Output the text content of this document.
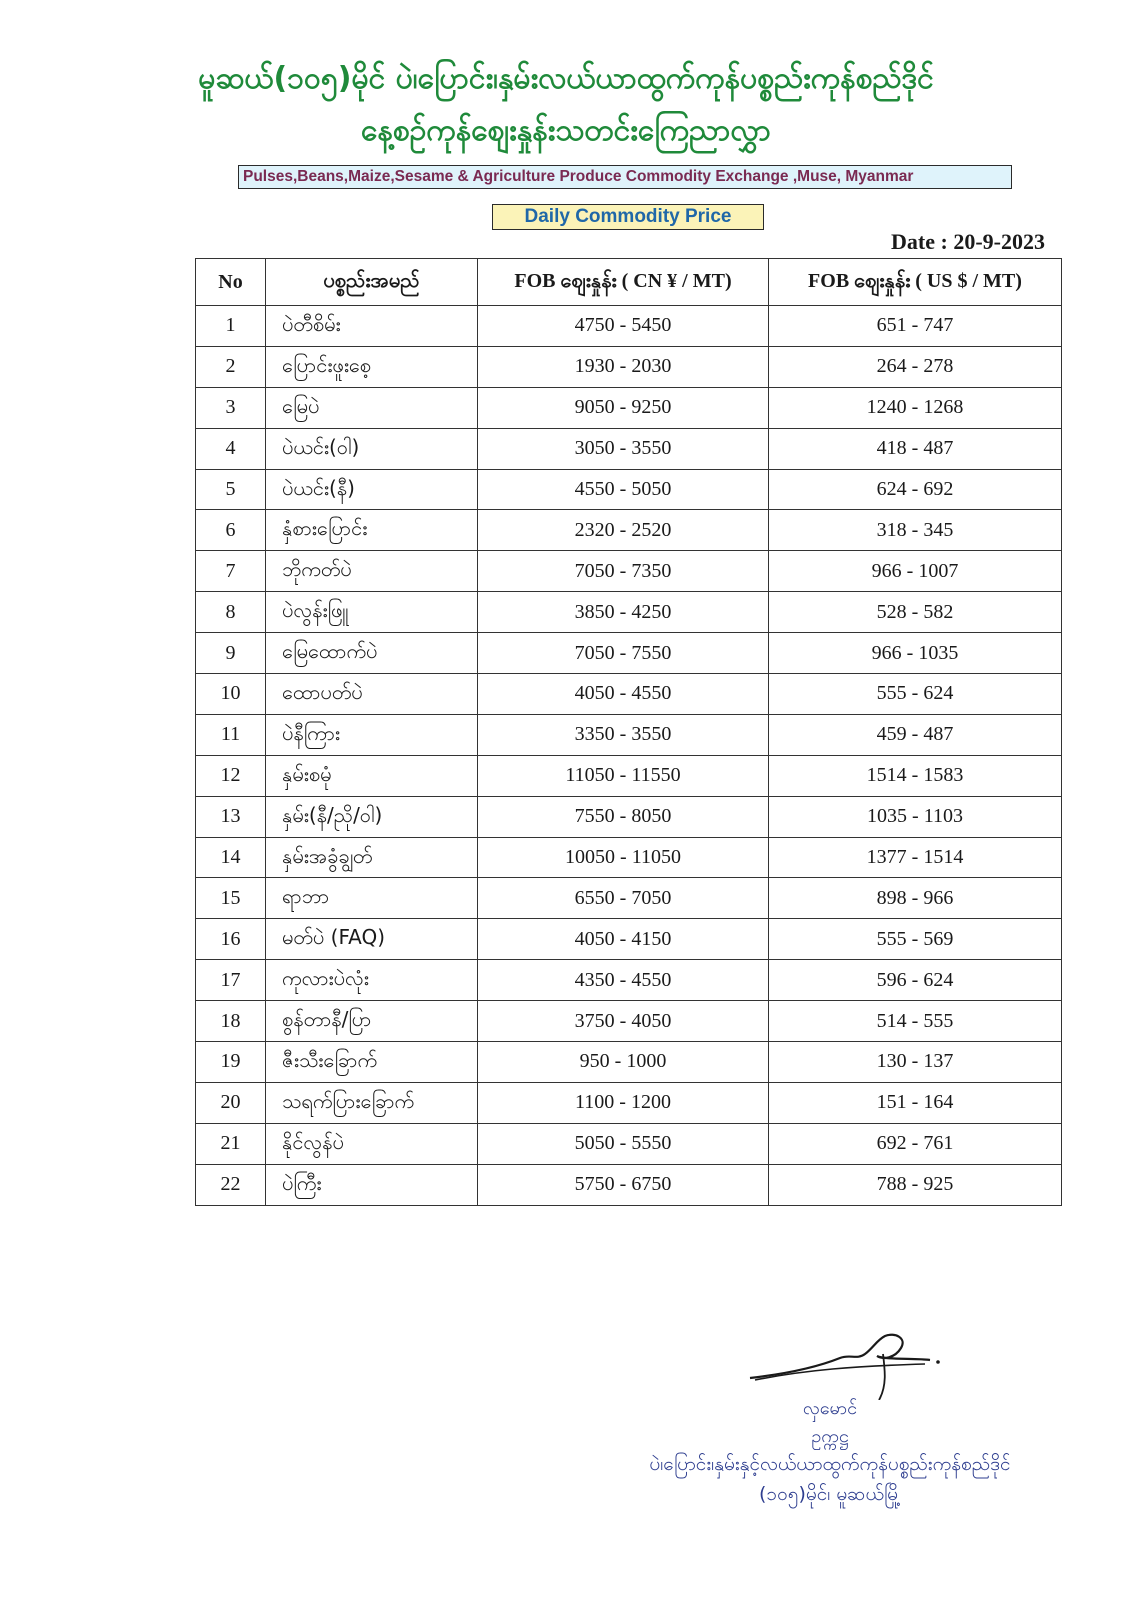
မူဆယ်(၁၀၅)မိုင် ပဲ၊ပြောင်း၊နှမ်းလယ်ယာထွက်ကုန်ပစ္စည်းကုန်စည်ဒိုင်
နေ့စဉ်ကုန်စျေးနှုန်းသတင်းကြေညာလွှာ
Pulses,Beans,Maize,Sesame & Agriculture Produce Commodity Exchange ,Muse, Myanmar
Daily Commodity Price
Date : 20-9-2023
No	ပစ္စည်းအမည်	FOB စျေးနှုန်း ( CN ¥ / MT)	FOB စျေးနှုန်း ( US $ / MT)
1	ပဲတီစိမ်း	4750 - 5450	651 - 747
2	ပြောင်းဖူးစေ့	1930 - 2030	264 - 278
3	မြေပဲ	9050 - 9250	1240 - 1268
4	ပဲယင်း(ဝါ)	3050 - 3550	418 - 487
5	ပဲယင်း(နီ)	4550 - 5050	624 - 692
6	နှံစားပြောင်း	2320 - 2520	318 - 345
7	ဘိုကတ်ပဲ	7050 - 7350	966 - 1007
8	ပဲလွန်းဖြူ	3850 - 4250	528 - 582
9	မြေထောက်ပဲ	7050 - 7550	966 - 1035
10	ထောပတ်ပဲ	4050 - 4550	555 - 624
11	ပဲနီကြား	3350 - 3550	459 - 487
12	နှမ်းစမုံ	11050 - 11550	1514 - 1583
13	နှမ်း(နီ/ညို/ဝါ)	7550 - 8050	1035 - 1103
14	နှမ်းအခွံချွတ်	10050 - 11050	1377 - 1514
15	ရာဘာ	6550 - 7050	898 - 966
16	မတ်ပဲ (FAQ)	4050 - 4150	555 - 569
17	ကုလားပဲလုံး	4350 - 4550	596 - 624
18	စွန်တာနီ/ပြာ	3750 - 4050	514 - 555
19	ဇီးသီးခြောက်	950 - 1000	130 - 137
20	သရက်ပြားခြောက်	1100 - 1200	151 - 164
21	နိုင်လွန်ပဲ	5050 - 5550	692 - 761
22	ပဲကြီး	5750 - 6750	788 - 925
လှမောင်
ဥက္ကဋ္ဌ
ပဲ၊ပြောင်း၊နှမ်းနှင့်လယ်ယာထွက်ကုန်ပစ္စည်းကုန်စည်ဒိုင်
(၁၀၅)မိုင်၊ မူဆယ်မြို့
